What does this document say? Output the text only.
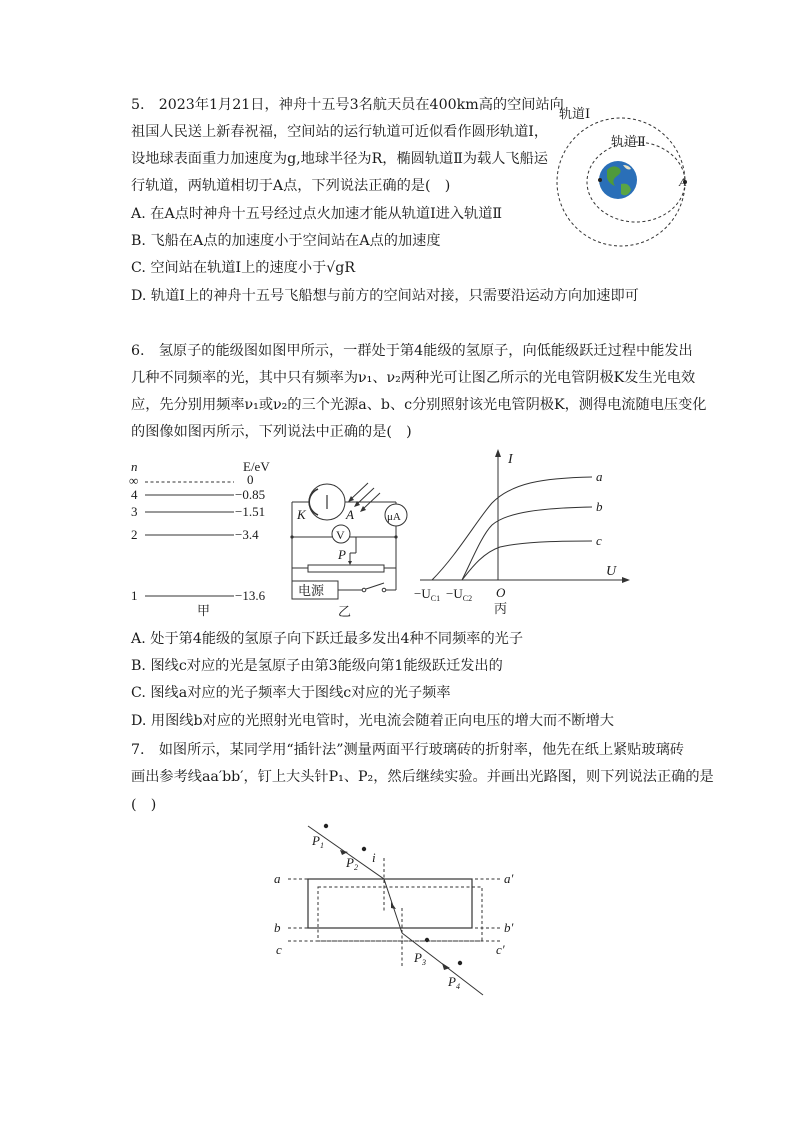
5.　2023年1月21日，神舟十五号3名航天员在400km高的空间站向
祖国人民送上新春祝福，空间站的运行轨道可近似看作圆形轨道Ⅰ，
设地球表面重力加速度为g,地球半径为R，椭圆轨道Ⅱ为载人飞船运
行轨道，两轨道相切于A点，下列说法正确的是(　)
A. 在A点时神舟十五号经过点火加速才能从轨道Ⅰ进入轨道Ⅱ
B. 飞船在A点的加速度小于空间站在A点的加速度
C. 空间站在轨道Ⅰ上的速度小于√gR
D. 轨道Ⅰ上的神舟十五号飞船想与前方的空间站对接，只需要沿运动方向加速即可
轨道Ⅰ
轨道Ⅱ
A
6.　氢原子的能级图如图甲所示，一群处于第4能级的氢原子，向低能级跃迁过程中能发出
几种不同频率的光，其中只有频率为ν₁、ν₂两种光可让图乙所示的光电管阴极K发生光电效
应，先分别用频率ν₁或ν₂的三个光源a、b、c分别照射该光电管阴极K，测得电流随电压变化
的图像如图丙所示，下列说法中正确的是(　)
n	E/eV
∞	0
4	−0.85
3	−1.51
2	−3.4
1	−13.6
甲
K	A	μA
V
P
电源
乙
I
U
O
a
b
c
$-U_{C1} -U_{C2}$
丙
A. 处于第4能级的氢原子向下跃迁最多发出4种不同频率的光子
B. 图线c对应的光是氢原子由第3能级向第1能级跃迁发出的
C. 图线a对应的光子频率大于图线c对应的光子频率
D. 用图线b对应的光照射光电管时，光电流会随着正向电压的增大而不断增大
7.　如图所示，某同学用“插针法”测量两面平行玻璃砖的折射率，他先在纸上紧贴玻璃砖
画出参考线aa′bb′，钉上大头针P₁、P₂，然后继续实验。并画出光路图，则下列说法正确的是
(　)
$P_1$
$P_2$
i
$P_3$
$P_4$
a	a′
b	b′
c	c′
